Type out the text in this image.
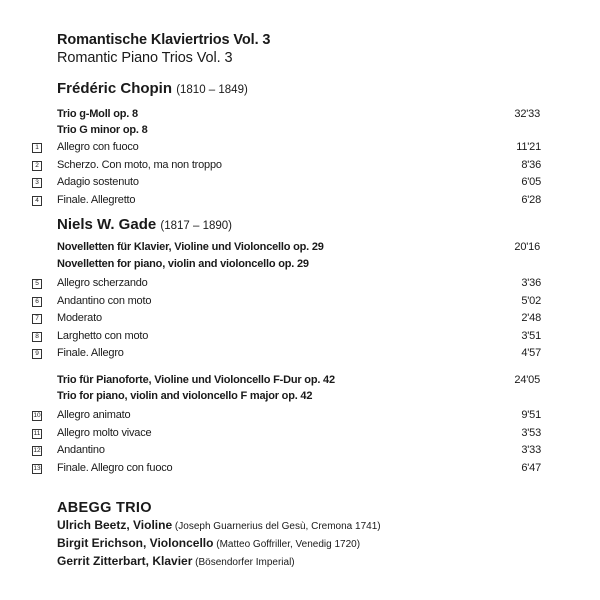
Romantische Klaviertrios Vol. 3
Romantic Piano Trios Vol. 3
Frédéric Chopin (1810 – 1849)
Trio g-Moll op. 8	32'33
Trio G minor op. 8
1 Allegro con fuoco	11'21
2 Scherzo. Con moto, ma non troppo	8'36
3 Adagio sostenuto	6'05
4 Finale. Allegretto	6'28
Niels W. Gade (1817 – 1890)
Novelletten für Klavier, Violine und Violoncello op. 29	20'16
Novelletten for piano, violin and violoncello op. 29
5 Allegro scherzando	3'36
6 Andantino con moto	5'02
7 Moderato	2'48
8 Larghetto con moto	3'51
9 Finale. Allegro	4'57
Trio für Pianoforte, Violine und Violoncello F-Dur op. 42	24'05
Trio for piano, violin and violoncello F major op. 42
10 Allegro animato	9'51
11 Allegro molto vivace	3'53
12 Andantino	3'33
13 Finale. Allegro con fuoco	6'47
ABEGG TRIO
Ulrich Beetz, Violine (Joseph Guarnerius del Gesù, Cremona 1741)
Birgit Erichson, Violoncello (Matteo Goffriller, Venedig 1720)
Gerrit Zitterbart, Klavier (Bösendorfer Imperial)
